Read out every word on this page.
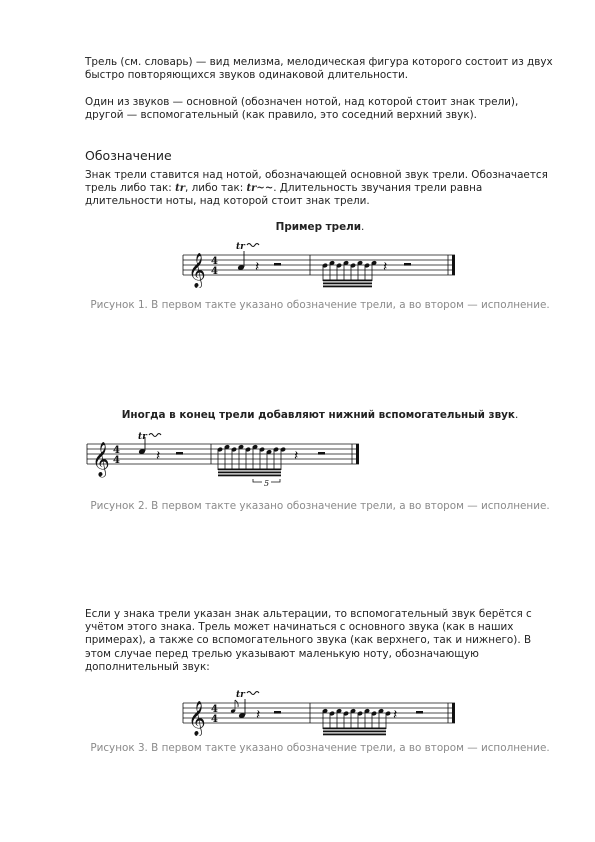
Трель (см. словарь) — вид мелизма, мелодическая фигура которого состоит из двух быстро повторяющихся звуков одинаковой длительности.

Один из звуков — основной (обозначен нотой, над которой стоит знак трели), другой — вспомогательный (как правило, это соседний верхний звук).

Обозначение

Знак трели ставится над нотой, обозначающей основной звук трели. Обозначается трель либо так: tr, либо так: tr~~. Длительность звучания трели равна длительности ноты, над которой стоит знак трели.

Пример трели.

𝄞 4
4
tr
𝄽	𝄽

Рисунок 1. В первом такте указано обозначение трели, а во втором — исполнение.

Иногда в конец трели добавляют нижний вспомогательный звук.

𝄞 4
4
tr
𝄽
5
𝄽

Рисунок 2. В первом такте указано обозначение трели, а во втором — исполнение.

Если у знака трели указан знак альтерации, то вспомогательный звук берётся с учётом этого знака. Трель может начинаться с основного звука (как в наших примерах), а также со вспомогательного звука (как верхнего, так и нижнего). В этом случае перед трелью указывают маленькую ноту, обозначающую дополнительный звук:

𝄞 4
4
tr
𝄽	𝄽

Рисунок 3. В первом такте указано обозначение трели, а во втором — исполнение.
